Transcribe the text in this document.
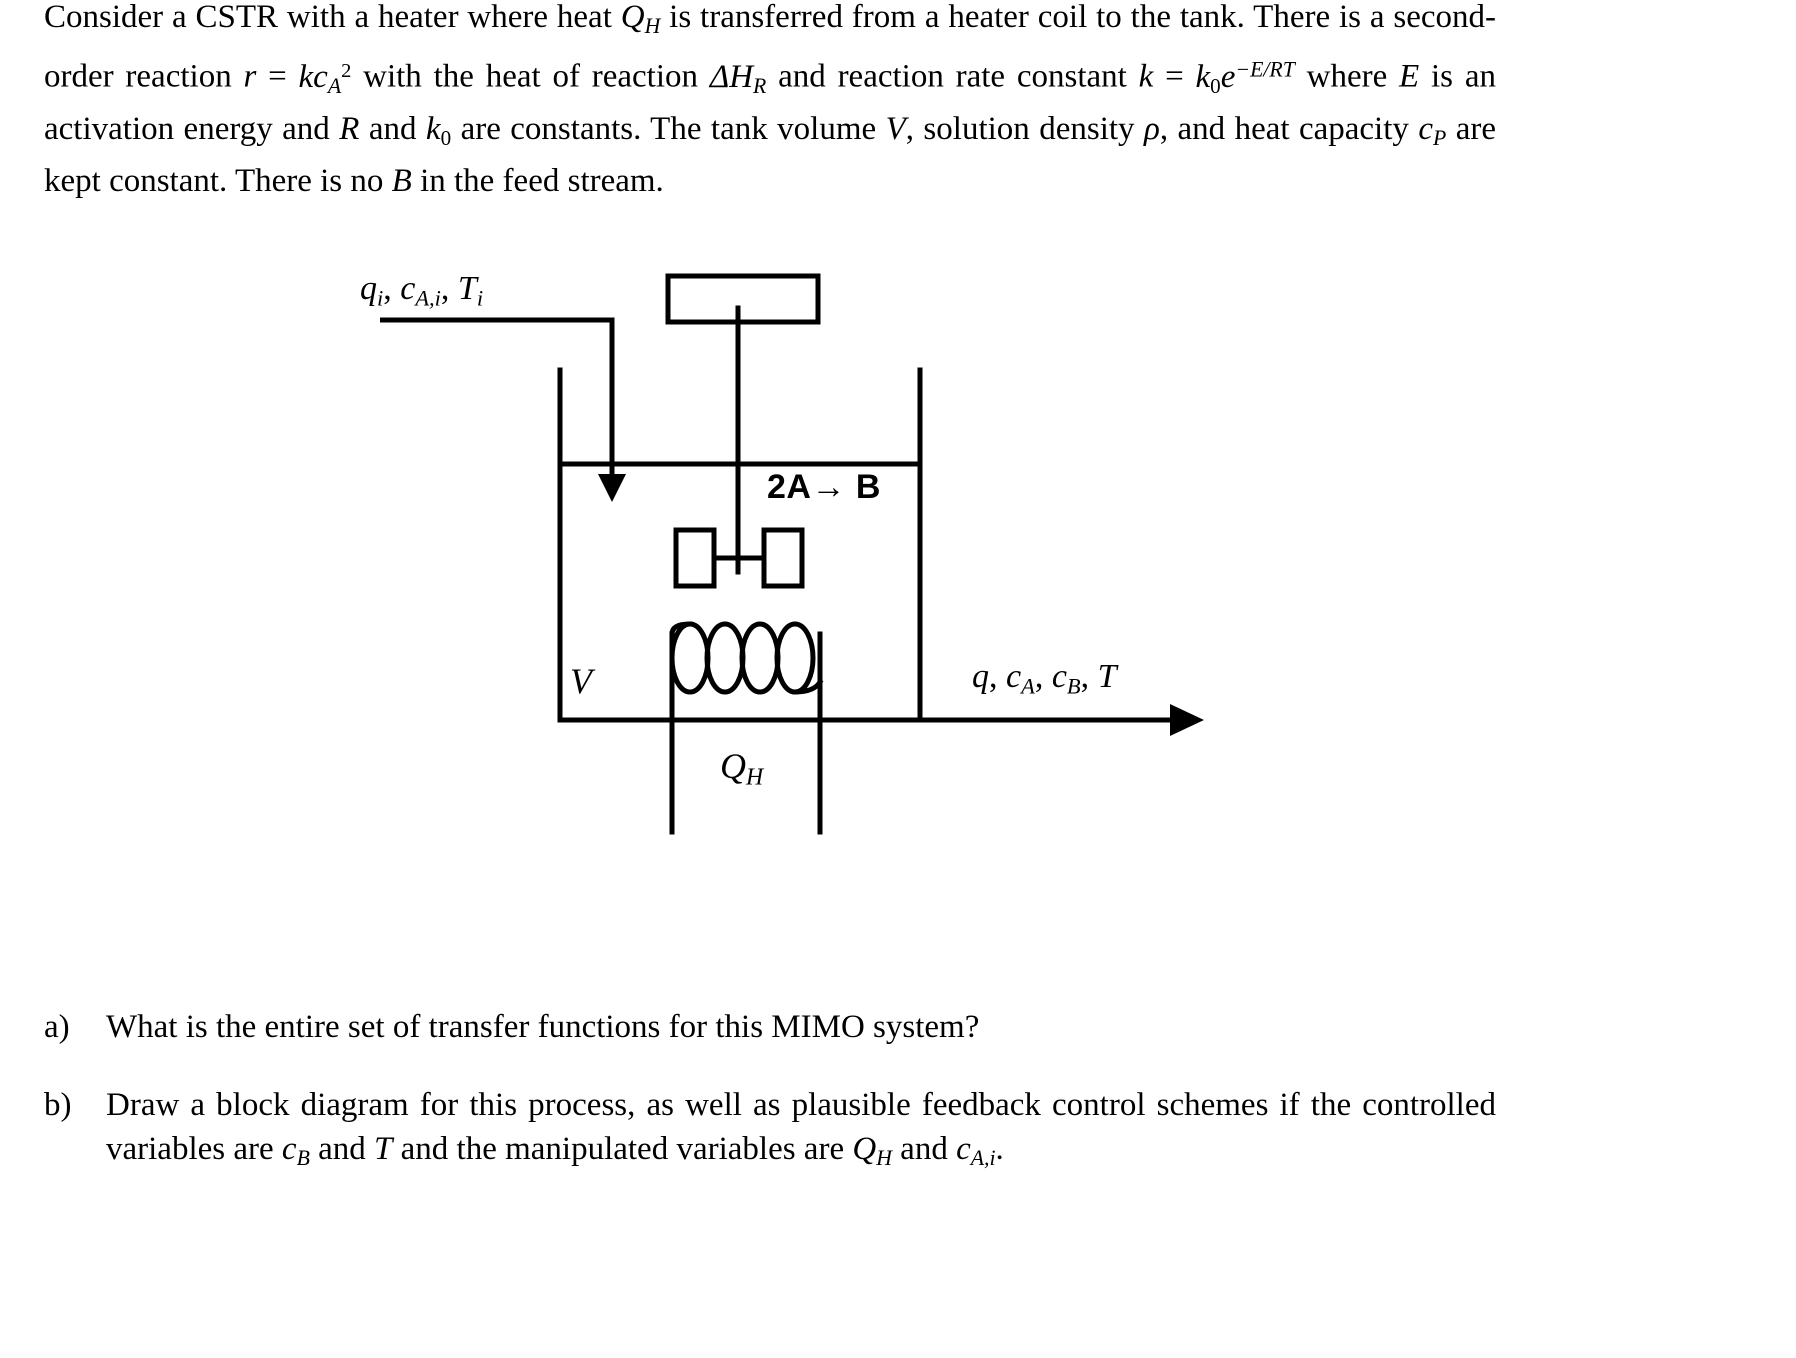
Consider a CSTR with a heater where heat $Q_H$ is transferred from a heater coil to the tank. There is a second-order reaction $r = kc_A^2$ with the heat of reaction $\Delta H_R$ and reaction rate constant $k = k0e^{-E/RT}$ where E is an activation energy and R and k0 are constants. The tank volume V, solution density ρ, and heat capacity $c_P$ are kept constant. There is no B in the feed stream.
$q_i$, $c_{A,i}$, $T_i$
2A→ B
V
$Q_H$
q, $c_A$, $c_B$, T
a)	What is the entire set of transfer functions for this MIMO system?
b)	Draw a block diagram for this process, as well as plausible feedback control schemes if the controlled variables are $c_B$ and T and the manipulated variables are $Q_H$ and $c_{A,i}$.
